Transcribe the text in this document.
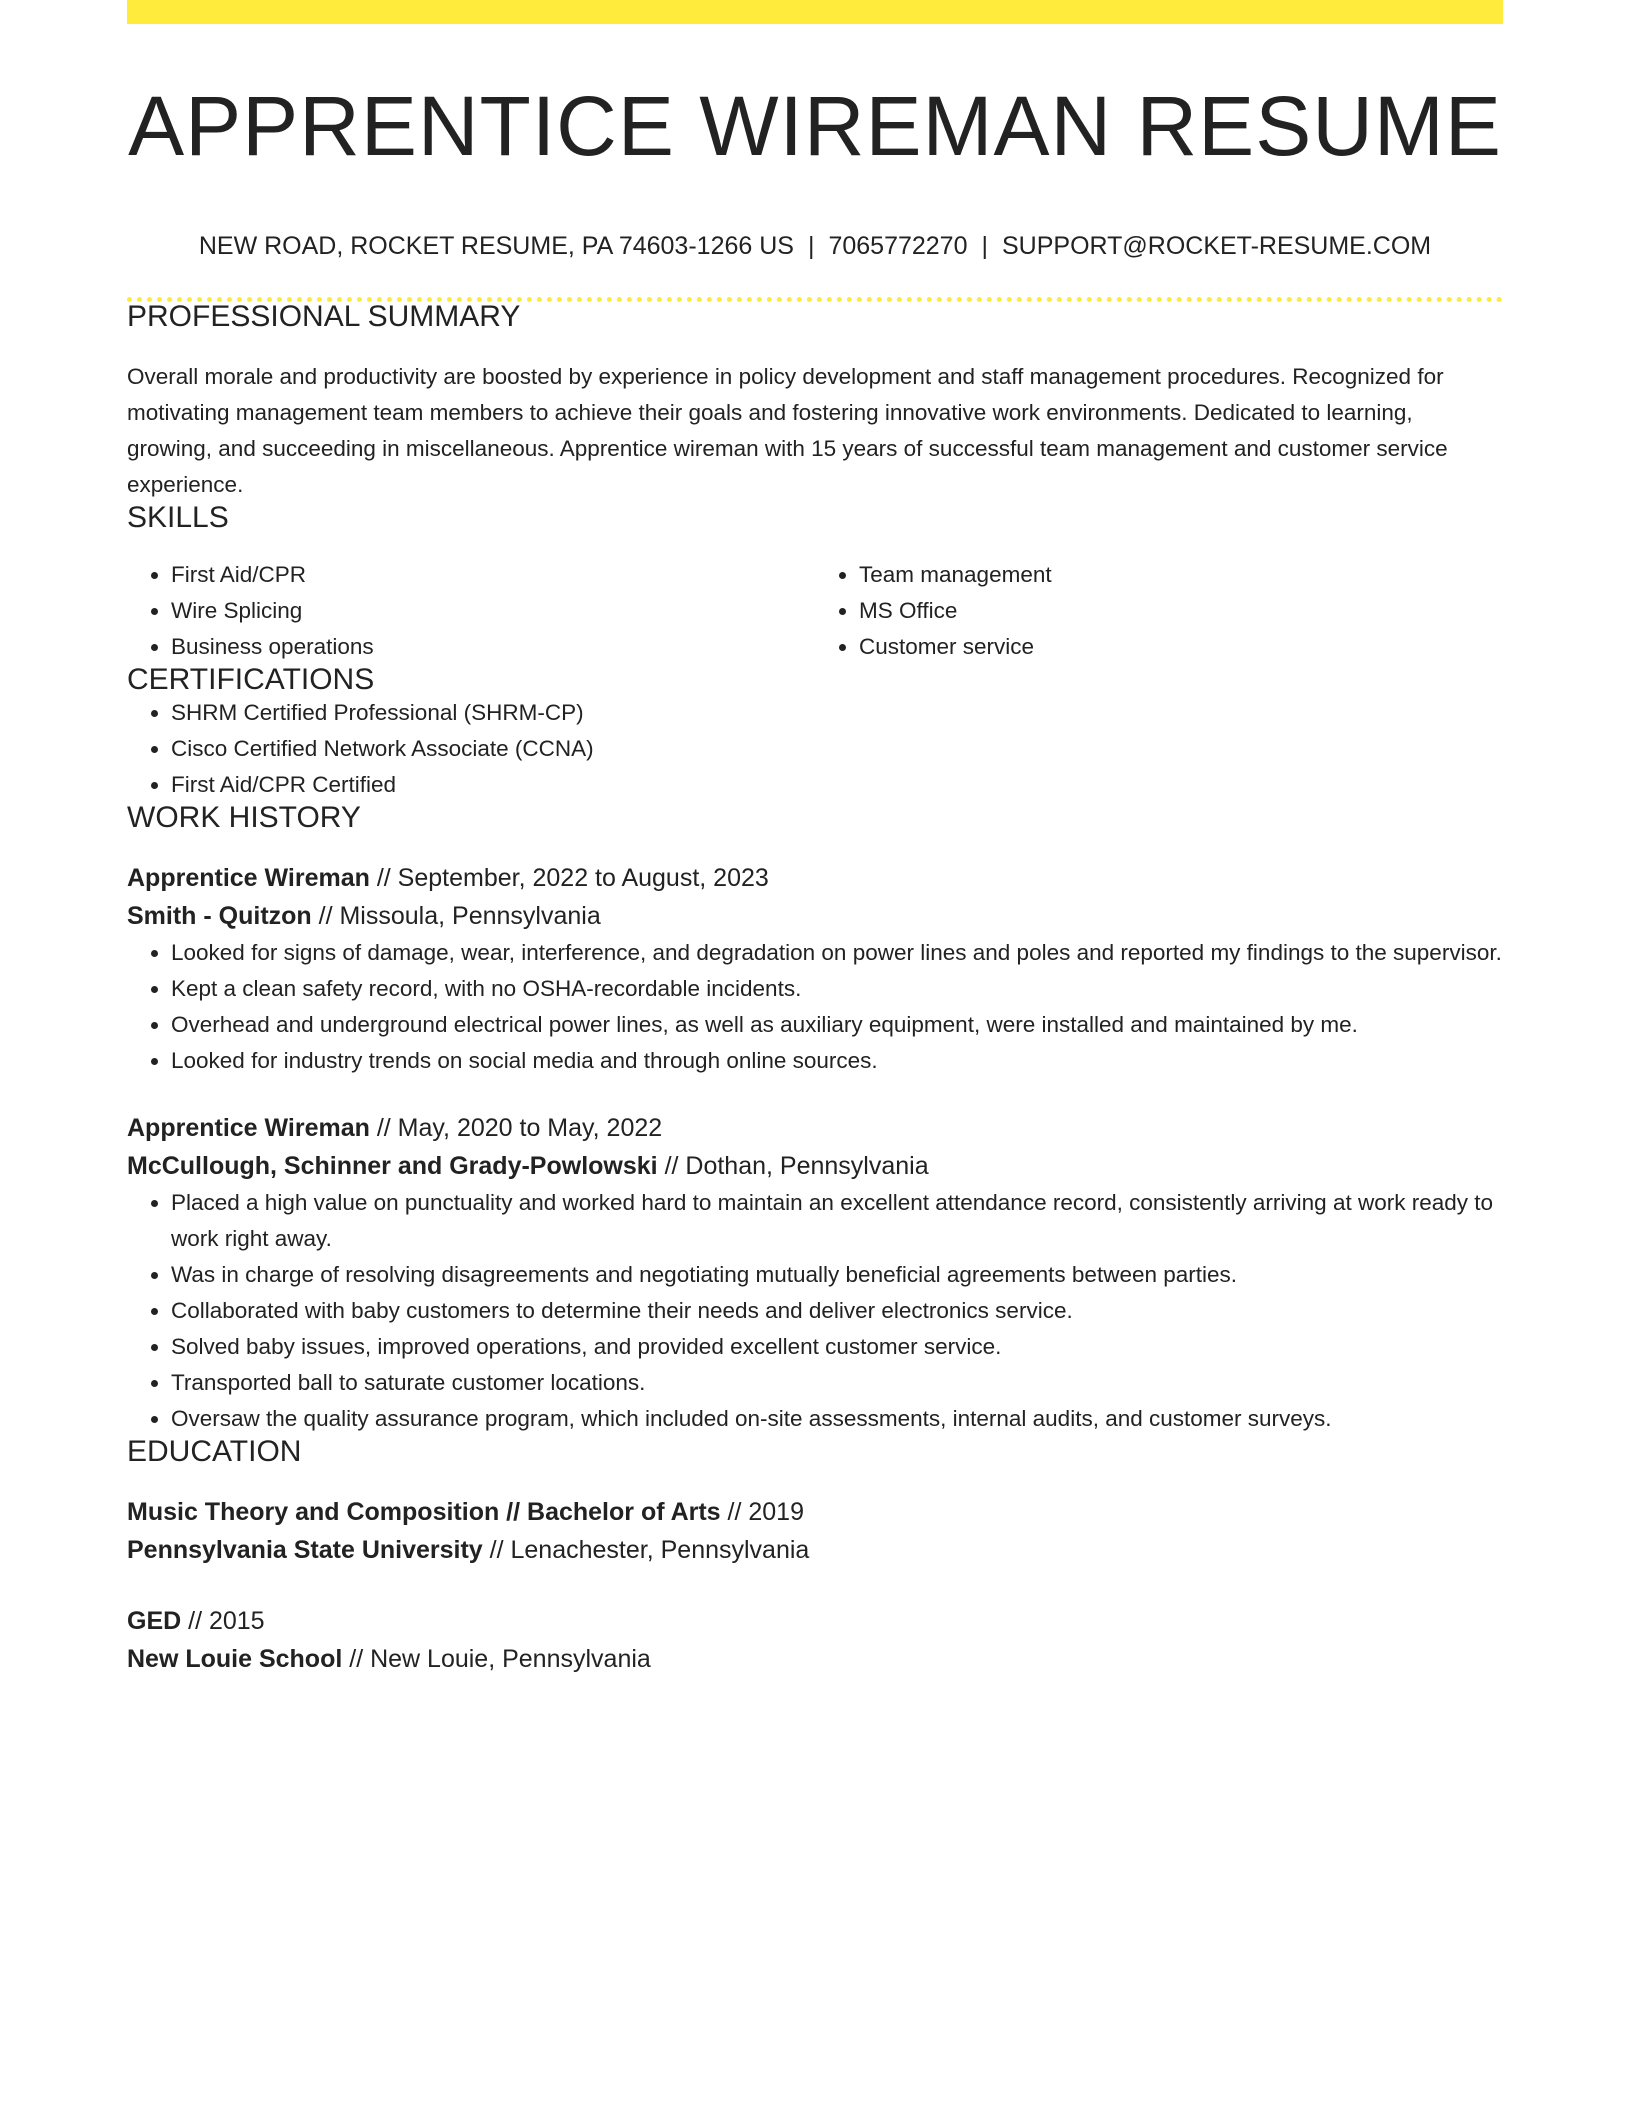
APPRENTICE WIREMAN RESUME
NEW ROAD, ROCKET RESUME, PA 74603-1266 US | 7065772270 | SUPPORT@ROCKET-RESUME.COM
PROFESSIONAL SUMMARY

Overall morale and productivity are boosted by experience in policy development and staff management procedures. Recognized for motivating management team members to achieve their goals and fostering innovative work environments. Dedicated to learning, growing, and succeeding in miscellaneous. Apprentice wireman with 15 years of successful team management and customer service experience.

SKILLS
• First Aid/CPR
• Wire Splicing
• Business operations
• Team management
• MS Office
• Customer service
CERTIFICATIONS
• SHRM Certified Professional (SHRM-CP)
• Cisco Certified Network Associate (CCNA)
• First Aid/CPR Certified
WORK HISTORY
Apprentice Wireman // September, 2022 to August, 2023
Smith - Quitzon // Missoula, Pennsylvania
• Looked for signs of damage, wear, interference, and degradation on power lines and poles and reported my findings to the supervisor.
• Kept a clean safety record, with no OSHA-recordable incidents.
• Overhead and underground electrical power lines, as well as auxiliary equipment, were installed and maintained by me.
• Looked for industry trends on social media and through online sources.
Apprentice Wireman // May, 2020 to May, 2022
McCullough, Schinner and Grady-Powlowski // Dothan, Pennsylvania
• Placed a high value on punctuality and worked hard to maintain an excellent attendance record, consistently arriving at work ready to work right away.
• Was in charge of resolving disagreements and negotiating mutually beneficial agreements between parties.
• Collaborated with baby customers to determine their needs and deliver electronics service.
• Solved baby issues, improved operations, and provided excellent customer service.
• Transported ball to saturate customer locations.
• Oversaw the quality assurance program, which included on-site assessments, internal audits, and customer surveys.
EDUCATION
Music Theory and Composition // Bachelor of Arts // 2019
Pennsylvania State University // Lenachester, Pennsylvania
GED // 2015
New Louie School // New Louie, Pennsylvania
